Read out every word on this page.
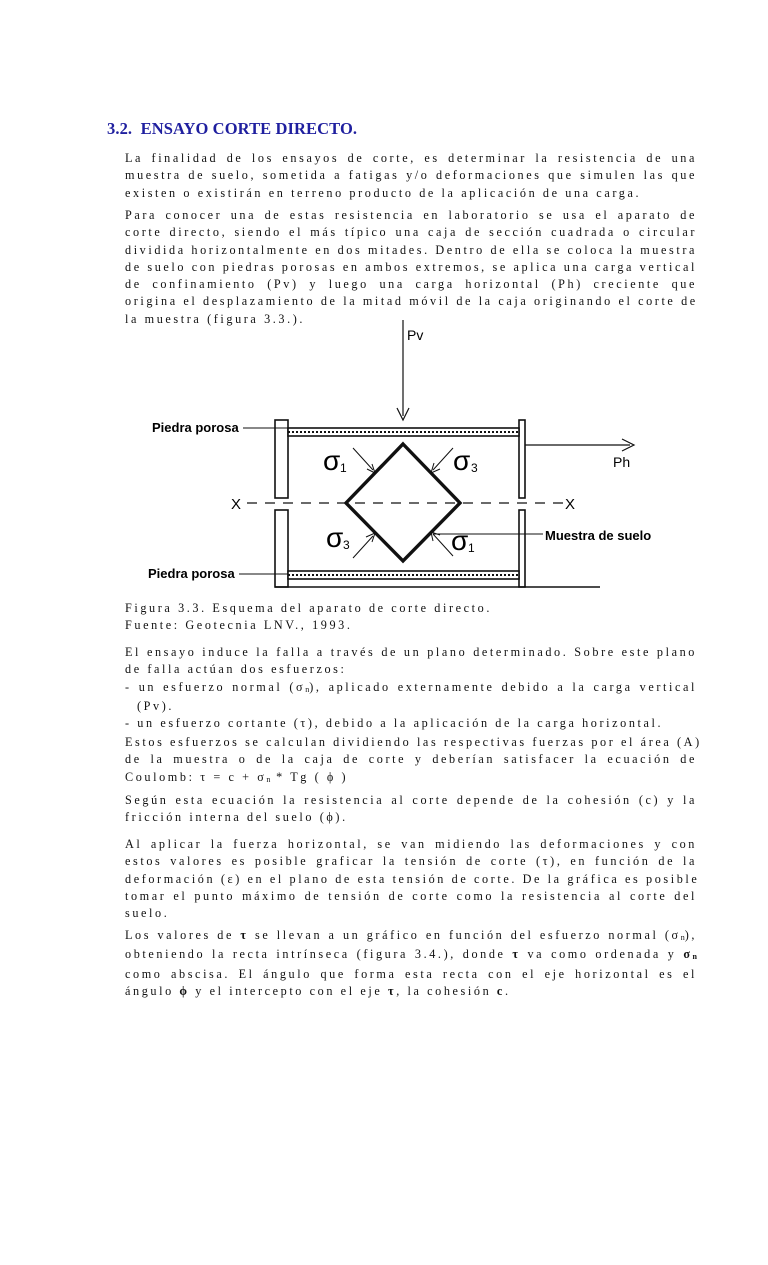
3.2. ENSAYO CORTE DIRECTO.
La finalidad de los ensayos de corte, es determinar la resistencia de una
muestra de suelo, sometida a fatigas y/o deformaciones que simulen las que
existen o existirán en terreno producto de la aplicación de una carga.
Para conocer una de estas resistencia en laboratorio se usa el aparato de
corte directo, siendo el más típico una caja de sección cuadrada o circular
dividida horizontalmente en dos mitades. Dentro de ella se coloca la muestra
de suelo con piedras porosas en ambos extremos, se aplica una carga vertical
de confinamiento (Pv) y luego una carga horizontal (Ph) creciente que
origina el desplazamiento de la mitad móvil de la caja originando el corte de
la muestra (figura 3.3.).
Pv
Ph
X	X
σ 1	σ 3
σ 3	σ 1
Piedra porosa
Piedra porosa
Muestra de suelo
Figura 3.3. Esquema del aparato de corte directo.
Fuente: Geotecnia LNV., 1993.
El ensayo induce la falla a través de un plano determinado. Sobre este plano
de falla actúan dos esfuerzos:
- un esfuerzo normal (σn), aplicado externamente debido a la carga vertical
(Pv).
- un esfuerzo cortante (τ), debido a la aplicación de la carga horizontal.
Estos esfuerzos se calculan dividiendo las respectivas fuerzas por el área (A)
de la muestra o de la caja de corte y deberían satisfacer la ecuación de
Coulomb: τ = c + σn * Tg ( ϕ )
Según esta ecuación la resistencia al corte depende de la cohesión (c) y la
fricción interna del suelo (ϕ).
Al aplicar la fuerza horizontal, se van midiendo las deformaciones y con
estos valores es posible graficar la tensión de corte (τ), en función de la
deformación (ε) en el plano de esta tensión de corte. De la gráfica es posible
tomar el punto máximo de tensión de corte como la resistencia al corte del
suelo.
Los valores de τ se llevan a un gráfico en función del esfuerzo normal (σn),
obteniendo la recta intrínseca (figura 3.4.), donde τ va como ordenada y σn
como abscisa. El ángulo que forma esta recta con el eje horizontal es el
ángulo ϕ y el intercepto con el eje τ, la cohesión c.
